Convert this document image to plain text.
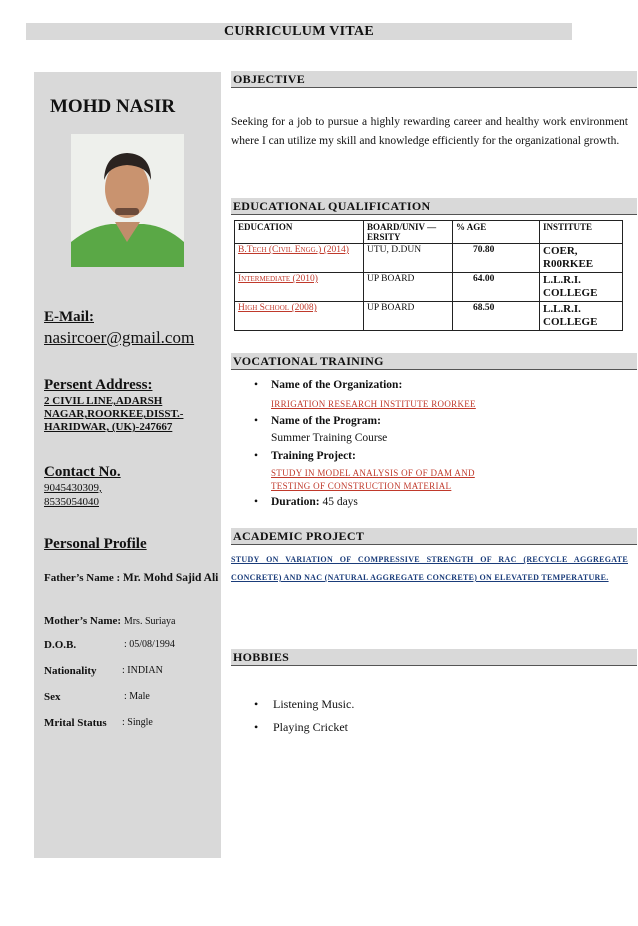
CURRICULUM VITAE
MOHD NASIR
E-Mail:
nasircoer@gmail.com
Persent Address:
2 CIVIL LINE,ADARSH NAGAR,ROORKEE,DISST.-HARIDWAR, (UK)-247667
Contact No.
9045430309,
8535054040
Personal Profile
Father’s Name : Mr. Mohd Sajid Ali
Mother’s Name: Mrs. Suriaya
D.O.B.	: 05/08/1994
Nationality	: INDIAN
Sex	: Male
Mrital Status : Single
OBJECTIVE
Seeking for a job to pursue a highly rewarding career and healthy work environment where I can utilize my skill and knowledge efficiently for the organizational growth.
EDUCATIONAL QUALIFICATION
EDUCATION	BOARD/UNIV —ERSITY	% AGE	INSTITUTE
B.Tech (Civil Engg.) (2014)	UTU, D.DUN	70.80	COER, R00RKEE
Intermediate (2010)	UP BOARD	64.00	L.L.R.I. COLLEGE
High School (2008)	UP BOARD	68.50	L.L.R.I. COLLEGE
VOCATIONAL TRAINING
• Name of the Organization:
IRRIGATION RESEARCH INSTITUTE ROORKEE
• Name of the Program:
Summer Training Course
• Training Project:
STUDY IN MODEL ANALYSIS OF OF DAM AND
TESTING OF CONSTRUCTION MATERIAL
• Duration: 45 days
ACADEMIC PROJECT
STUDY ON VARIATION OF COMPRESSIVE STRENGTH OF RAC (RECYCLE AGGREGATE CONCRETE) AND NAC (NATURAL AGGREGATE CONCRETE) ON ELEVATED TEMPERATURE.
HOBBIES
• Listening Music.
• Playing Cricket
